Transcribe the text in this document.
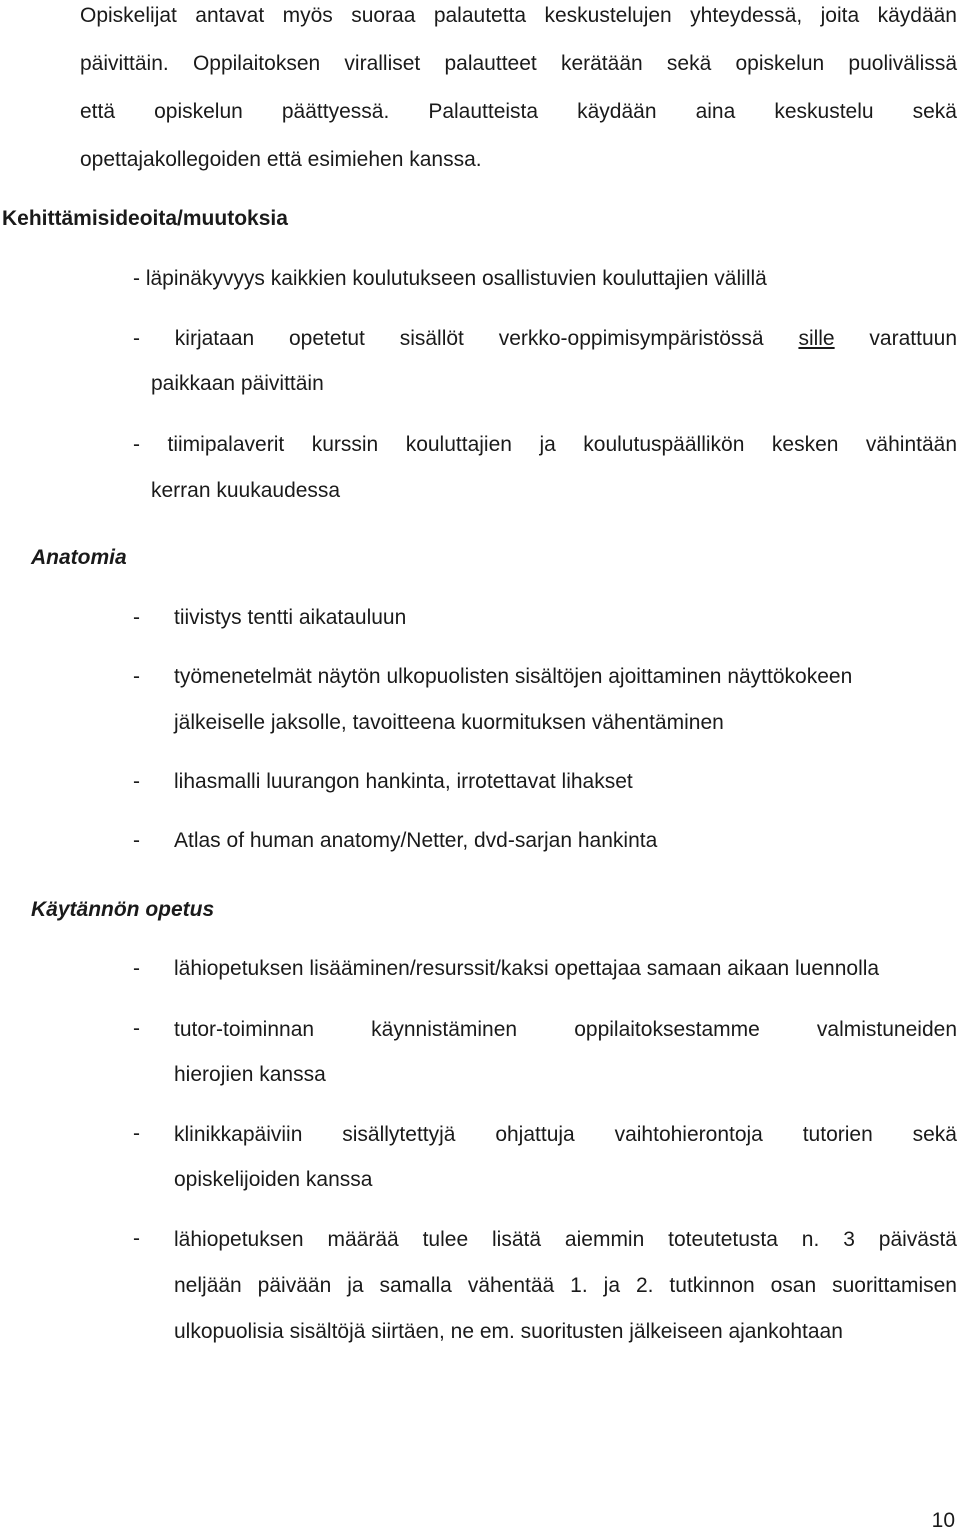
Opiskelijat antavat myös suoraa palautetta keskustelujen yhteydessä, joita käydään
päivittäin. Oppilaitoksen viralliset palautteet kerätään sekä opiskelun puolivälissä
että opiskelun päättyessä. Palautteista käydään aina keskustelu sekä
opettajakollegoiden että esimiehen kanssa.
Kehittämisideoita/muutoksia
- läpinäkyvyys kaikkien koulutukseen osallistuvien kouluttajien välillä
- kirjataan opetetut sisällöt verkko-oppimisympäristössä sille varattuun
paikkaan päivittäin
- tiimipalaverit kurssin kouluttajien ja koulutuspäällikön kesken vähintään
kerran kuukaudessa
Anatomia
- tiivistys tentti aikatauluun
- työmenetelmät näytön ulkopuolisten sisältöjen ajoittaminen näyttökokeen
jälkeiselle jaksolle, tavoitteena kuormituksen vähentäminen
- lihasmalli luurangon hankinta, irrotettavat lihakset
- Atlas of human anatomy/Netter, dvd-sarjan hankinta
Käytännön opetus
- lähiopetuksen lisääminen/resurssit/kaksi opettajaa samaan aikaan luennolla
- tutor-toiminnan käynnistäminen oppilaitoksestamme valmistuneiden
hierojien kanssa
- klinikkapäiviin sisällytettyjä ohjattuja vaihtohierontoja tutorien sekä
opiskelijoiden kanssa
- lähiopetuksen määrää tulee lisätä aiemmin toteutetusta n. 3 päivästä
neljään päivään ja samalla vähentää 1. ja 2. tutkinnon osan suorittamisen
ulkopuolisia sisältöjä siirtäen, ne em. suoritusten jälkeiseen ajankohtaan
10
